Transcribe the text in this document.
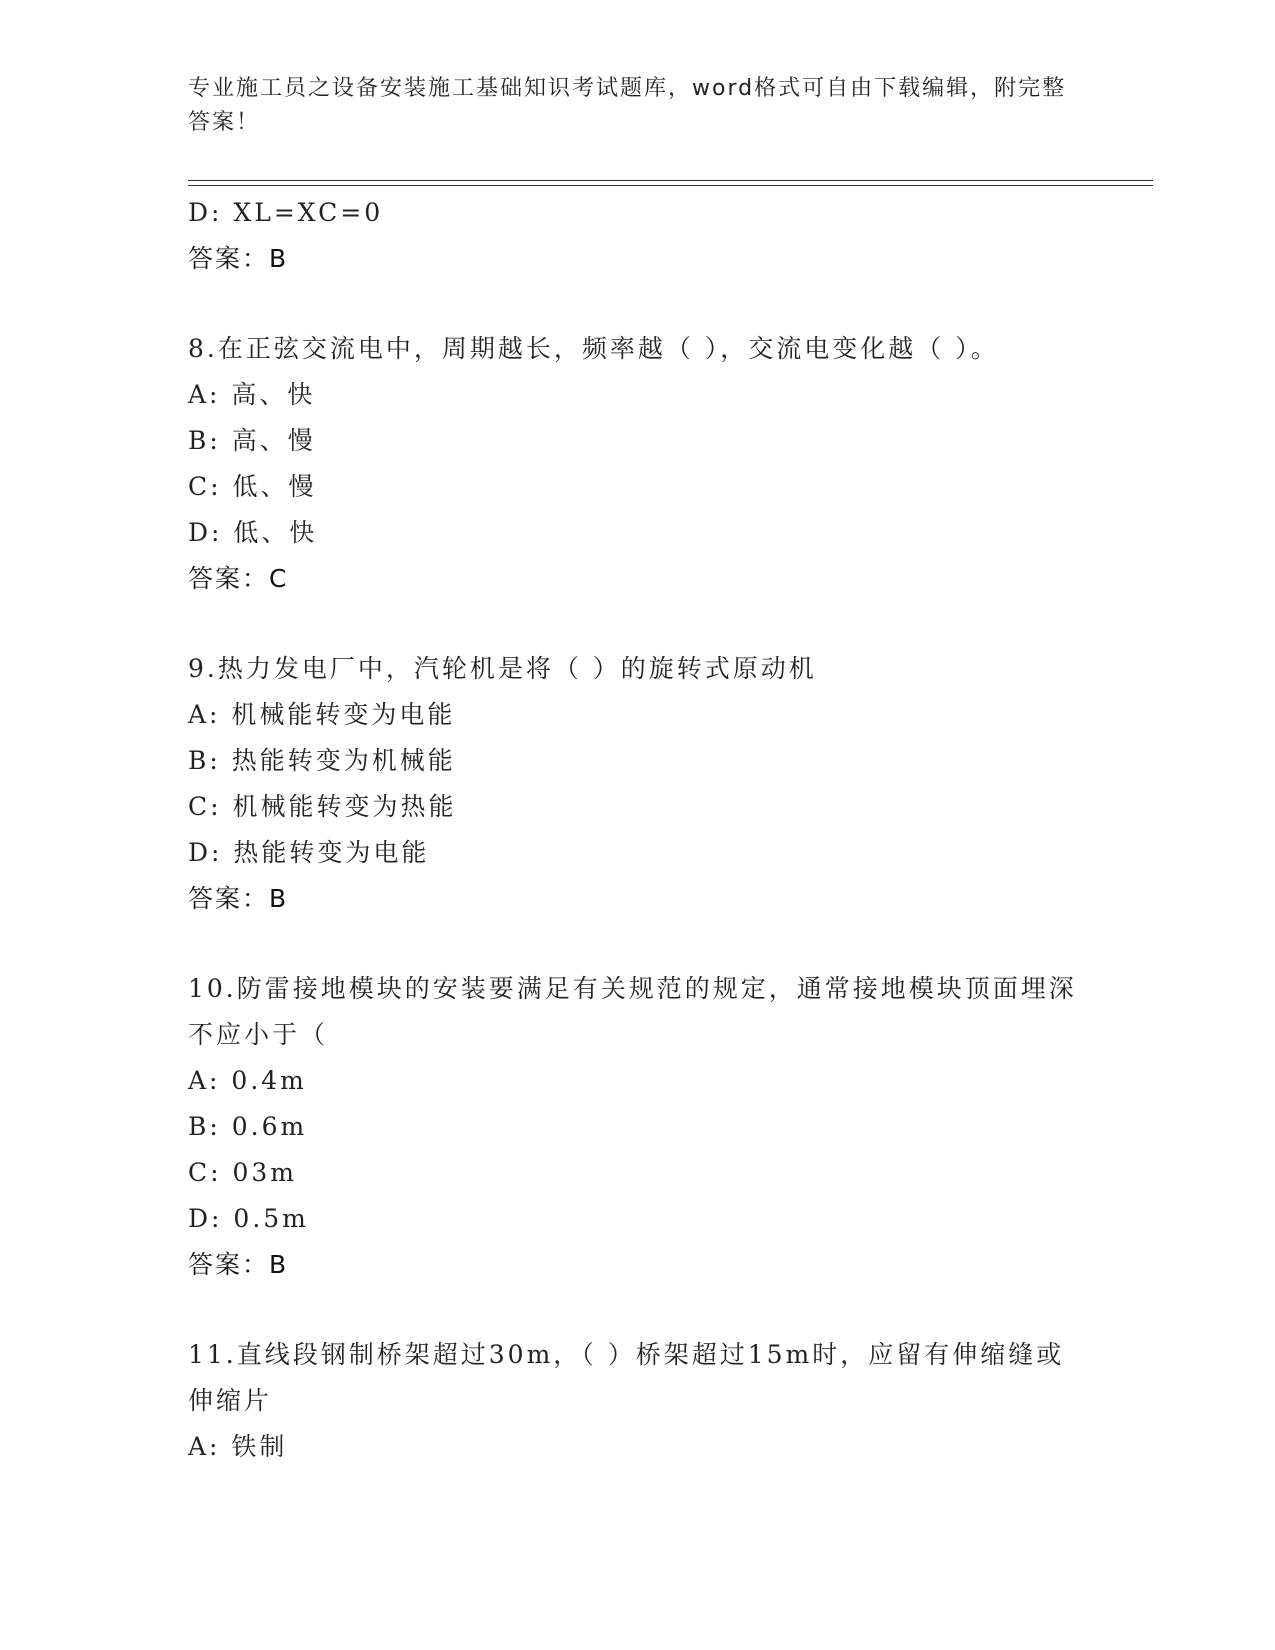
专业施工员之设备安装施工基础知识考试题库，word格式可自由下载编辑，附完整答案！
D: XL=XC=0
答案：B
8.在正弦交流电中，周期越长，频率越（ ），交流电变化越（ ）。
A: 高、快
B: 高、慢
C: 低、慢
D: 低、快
答案：C
9.热力发电厂中，汽轮机是将（ ）的旋转式原动机
A: 机械能转变为电能
B: 热能转变为机械能
C: 机械能转变为热能
D: 热能转变为电能
答案：B
10.防雷接地模块的安装要满足有关规范的规定，通常接地模块顶面埋深不应小于（
A: 0.4m
B: 0.6m
C: 03m
D: 0.5m
答案：B
11.直线段钢制桥架超过30m，（ ）桥架超过15m时，应留有伸缩缝或伸缩片
A: 铁制
